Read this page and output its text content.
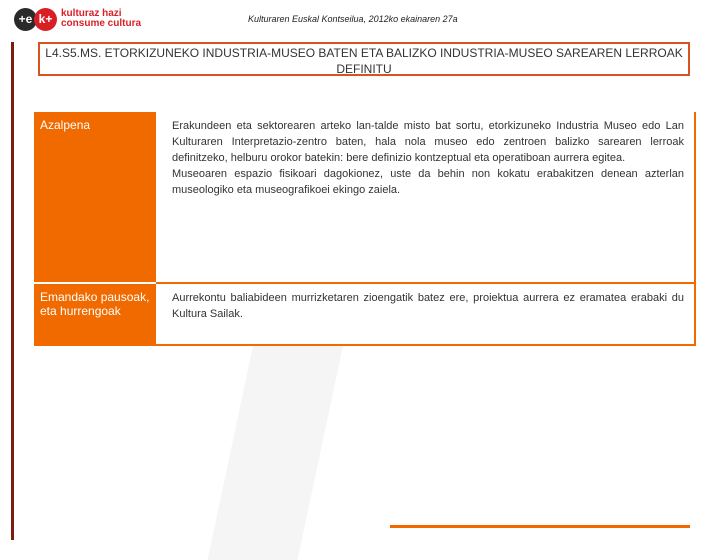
+e k+ kulturaz hazi
consume cultura	Kulturaren Euskal Kontseilua, 2012ko ekainaren 27a
L4.S5.MS. ETORKIZUNEKO INDUSTRIA-MUSEO BATEN ETA BALIZKO INDUSTRIA-MUSEO SAREAREN LERROAK DEFINITU
Azalpena	Erakundeen eta sektorearen arteko lan-talde misto bat sortu, etorkizuneko Industria Museo edo Lan Kulturaren Interpretazio-zentro baten, hala nola museo edo zentroen balizko sarearen lerroak definitzeko, helburu orokor batekin: bere definizio kontzeptual eta operatiboan aurrera egitea.

Museoaren espazio fisikoari dagokionez, uste da behin non kokatu erabakitzen denean azterlan museologiko eta museografikoei ekingo zaiela.

Emandako pausoak, eta hurrengoak	Aurrekontu baliabideen murrizketaren zioengatik batez ere, proiektua aurrera ez eramatea erabaki du Kultura Sailak.
